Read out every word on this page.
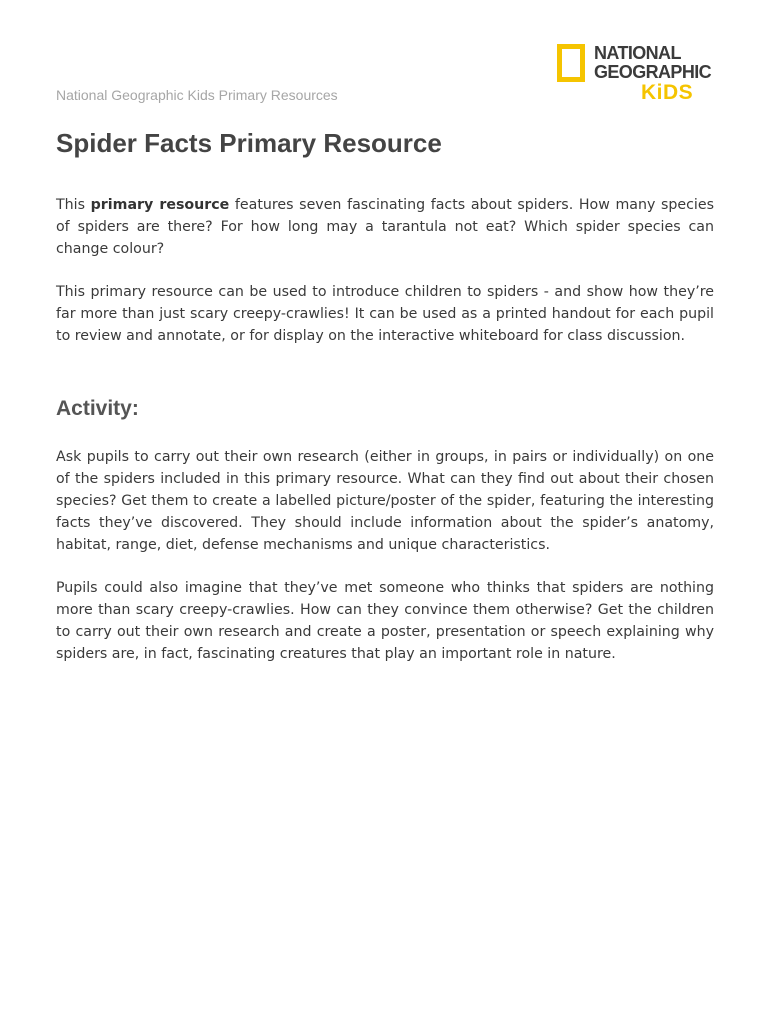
National Geographic Kids Primary Resources
NATIONAL
GEOGRAPHIC
KiDS
Spider Facts Primary Resource

This primary resource features seven fascinating facts about spiders. How many species of spiders are there? For how long may a tarantula not eat? Which spider species can change colour?

This primary resource can be used to introduce children to spiders - and show how they’re far more than just scary creepy-crawlies! It can be used as a printed handout for each pupil to review and annotate, or for display on the interactive whiteboard for class discussion.

Activity:

Ask pupils to carry out their own research (either in groups, in pairs or individually) on one of the spiders included in this primary resource. What can they find out about their chosen species? Get them to create a labelled picture/poster of the spider, featuring the interesting facts they’ve discovered. They should include information about the spider’s anatomy, habitat, range, diet, defense mechanisms and unique characteristics.

Pupils could also imagine that they’ve met someone who thinks that spiders are nothing more than scary creepy-crawlies. How can they convince them otherwise? Get the children to carry out their own research and create a poster, presentation or speech explaining why spiders are, in fact, fascinating creatures that play an important role in nature.
